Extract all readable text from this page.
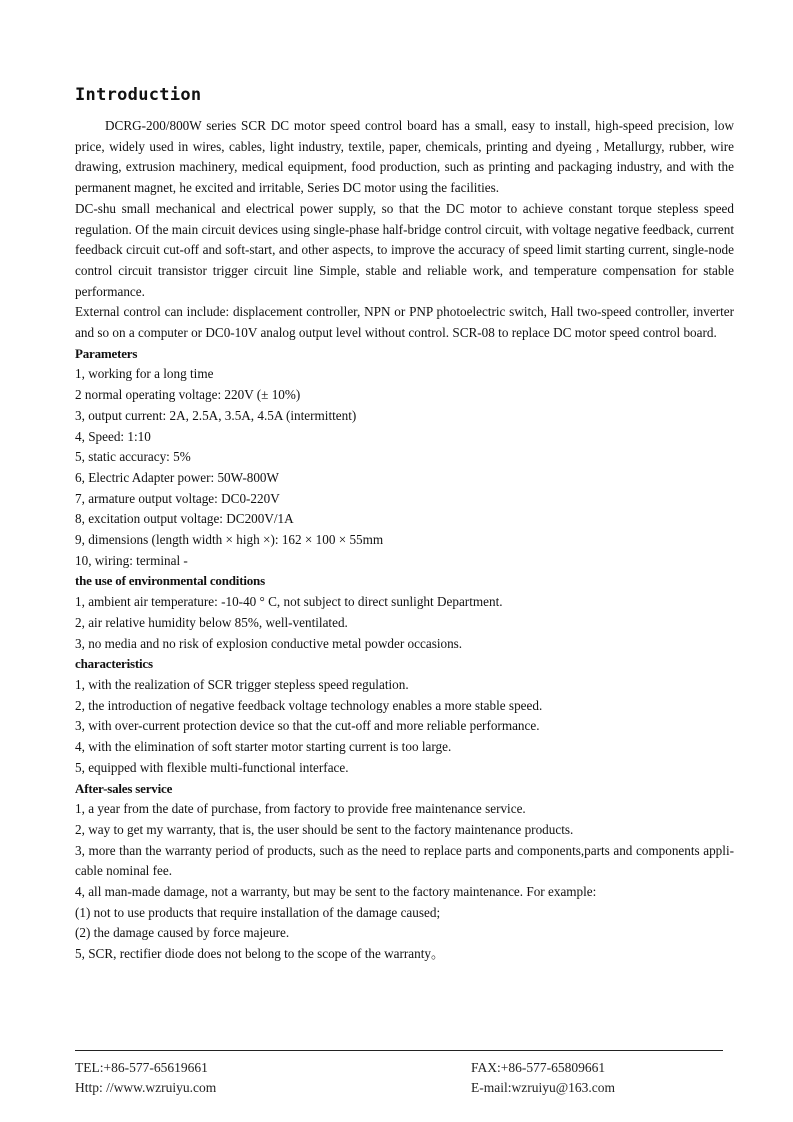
Introduction

DCRG-200/800W series SCR DC motor speed control board has a small, easy to install, high-speed precision, low price, widely used in wires, cables, light industry, textile, paper, chemicals, printing and dyeing , Metallurgy, rubber, wire drawing, extrusion machinery, medical equipment, food production, such as printing and packaging industry, and with the permanent magnet, he excited and irritable, Series DC motor using the facilities.

DC-shu small mechanical and electrical power supply, so that the DC motor to achieve constant torque stepless speed regulation. Of the main circuit devices using single-phase half-bridge control circuit, with voltage negative feedback, current feedback circuit cut-off and soft-start, and other aspects, to improve the accuracy of speed limit starting current, single-node control circuit transistor trigger circuit line Simple, stable and reliable work, and temperature compensation for stable performance.

External control can include: displacement controller, NPN or PNP photoelectric switch, Hall two-speed controller, inverter and so on a computer or DC0-10V analog output level without control. SCR-08 to replace DC motor speed control board.

Parameters

1, working for a long time

2 normal operating voltage: 220V (± 10%)

3, output current: 2A, 2.5A, 3.5A, 4.5A (intermittent)

4, Speed: 1:10

5, static accuracy: 5%

6, Electric Adapter power: 50W-800W

7, armature output voltage: DC0-220V

8, excitation output voltage: DC200V/1A

9, dimensions (length width × high ×): 162 × 100 × 55mm

10, wiring: terminal -

the use of environmental conditions

1, ambient air temperature: -10-40 ° C, not subject to direct sunlight Department.

2, air relative humidity below 85%, well-ventilated.

3, no media and no risk of explosion conductive metal powder occasions.

characteristics

1, with the realization of SCR trigger stepless speed regulation.

2, the introduction of negative feedback voltage technology enables a more stable speed.

3, with over-current protection device so that the cut-off and more reliable performance.

4, with the elimination of soft starter motor starting current is too large.

5, equipped with flexible multi-functional interface.

After-sales service

1, a year from the date of purchase, from factory to provide free maintenance service.

2, way to get my warranty, that is, the user should be sent to the factory maintenance products.

3, more than the warranty period of products, such as the need to replace parts and components,parts and components appli-cable nominal fee.

4, all man-made damage, not a warranty, but may be sent to the factory maintenance. For example:

(1) not to use products that require installation of the damage caused;

(2) the damage caused by force majeure.

5, SCR, rectifier diode does not belong to the scope of the warranty。

TEL:+86-577-65619661	FAX:+86-577-65809661
Http: //www.wzruiyu.com	E-mail:wzruiyu@163.com
